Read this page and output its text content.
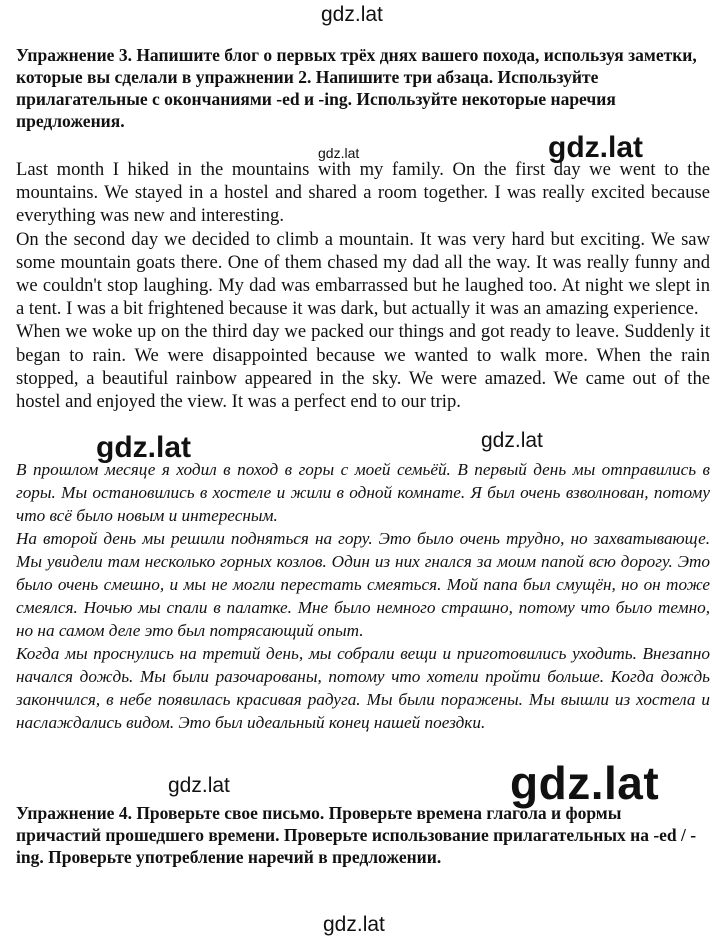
Упражнение 3. Напишите блог о первых трёх днях вашего похода, используя заметки, которые вы сделали в упражнении 2. Напишите три абзаца. Используйте прилагательные с окончаниями -ed и -ing. Используйте некоторые наречия предложения.

Last month I hiked in the mountains with my family. On the first day we went to the mountains. We stayed in a hostel and shared a room together. I was really excited because everything was new and interesting.

On the second day we decided to climb a mountain. It was very hard but exciting. We saw some mountain goats there. One of them chased my dad all the way. It was really funny and we couldn't stop laughing. My dad was embarrassed but he laughed too. At night we slept in a tent. I was a bit frightened because it was dark, but actually it was an amazing experience.

When we woke up on the third day we packed our things and got ready to leave. Suddenly it began to rain. We were disappointed because we wanted to walk more. When the rain stopped, a beautiful rainbow appeared in the sky. We were amazed. We came out of the hostel and enjoyed the view. It was a perfect end to our trip.

В прошлом месяце я ходил в поход в горы с моей семьёй. В первый день мы отправились в горы. Мы остановились в хостеле и жили в одной комнате. Я был очень взволнован, потому что всё было новым и интересным.

На второй день мы решили подняться на гору. Это было очень трудно, но захватывающе. Мы увидели там несколько горных козлов. Один из них гнался за моим папой всю дорогу. Это было очень смешно, и мы не могли перестать смеяться. Мой папа был смущён, но он тоже смеялся. Ночью мы спали в палатке. Мне было немного страшно, потому что было темно, но на самом деле это был потрясающий опыт.

Когда мы проснулись на третий день, мы собрали вещи и приготовились уходить. Внезапно начался дождь. Мы были разочарованы, потому что хотели пройти больше. Когда дождь закончился, в небе появилась красивая радуга. Мы были поражены. Мы вышли из хостела и наслаждались видом. Это был идеальный конец нашей поездки.

Упражнение 4. Проверьте свое письмо. Проверьте времена глагола и формы причастий прошедшего времени. Проверьте использование прилагательных на -ed / -ing. Проверьте употребление наречий в предложении.
gdz.lat
gdz.lat	gdz.lat
gdz.lat	gdz.lat
gdz.lat	gdz.lat
gdz.lat
